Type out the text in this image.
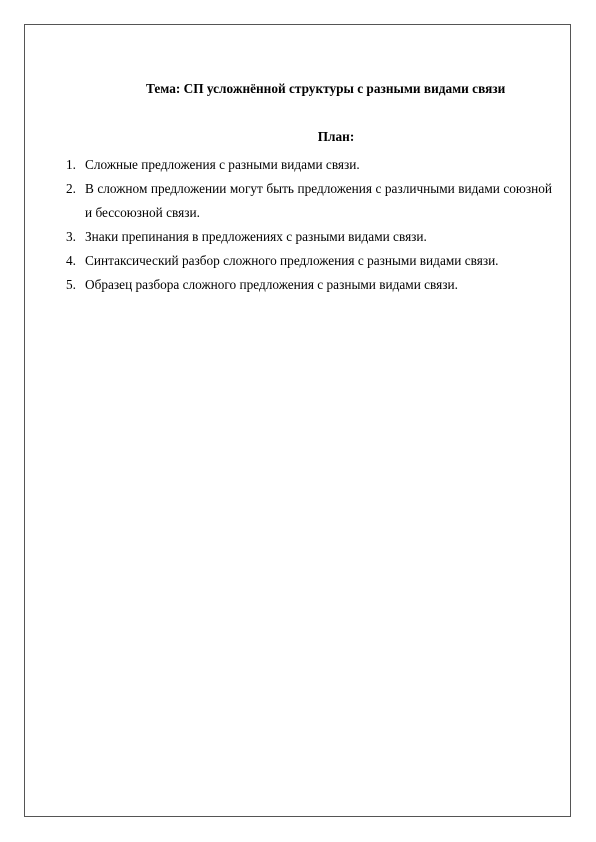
Тема: СП усложнённой структуры с разными видами связи
План:
1. Сложные предложения с разными видами связи.
2. В сложном предложении могут быть предложения с различными видами союзной и бессоюзной связи.
3. Знаки препинания в предложениях с разными видами связи.
4. Синтаксический разбор сложного предложения с разными видами связи.
5. Образец разбора сложного предложения с разными видами связи.
